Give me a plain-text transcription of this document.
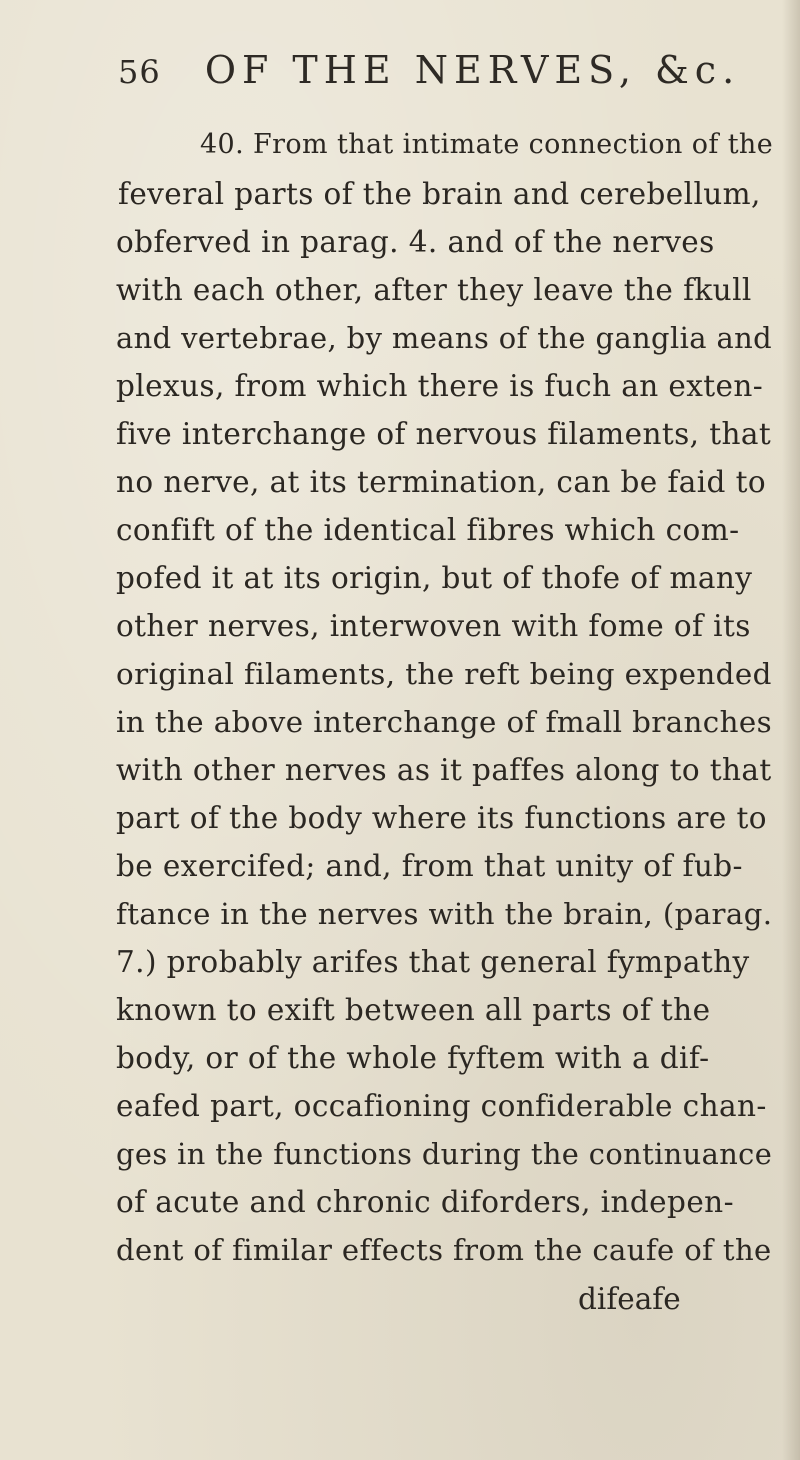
56 OF THE NERVES, &c.
40. From that intimate connection of the
feveral parts of the brain and cerebellum,
obferved in parag. 4. and of the nerves
with each other, after they leave the fkull
and vertebrae, by means of the ganglia and
plexus, from which there is fuch an exten-
five interchange of nervous filaments, that
no nerve, at its termination, can be faid to
confift of the identical fibres which com-
pofed it at its origin, but of thofe of many
other nerves, interwoven with fome of its
original filaments, the reft being expended
in the above interchange of fmall branches
with other nerves as it paffes along to that
part of the body where its functions are to
be exercifed; and, from that unity of fub-
ftance in the nerves with the brain, (parag.
7.) probably arifes that general fympathy
known to exift between all parts of the
body, or of the whole fyftem with a dif-
eafed part, occafioning confiderable chan-
ges in the functions during the continuance
of acute and chronic diforders, indepen-
dent of fimilar effects from the caufe of the
difeafe
